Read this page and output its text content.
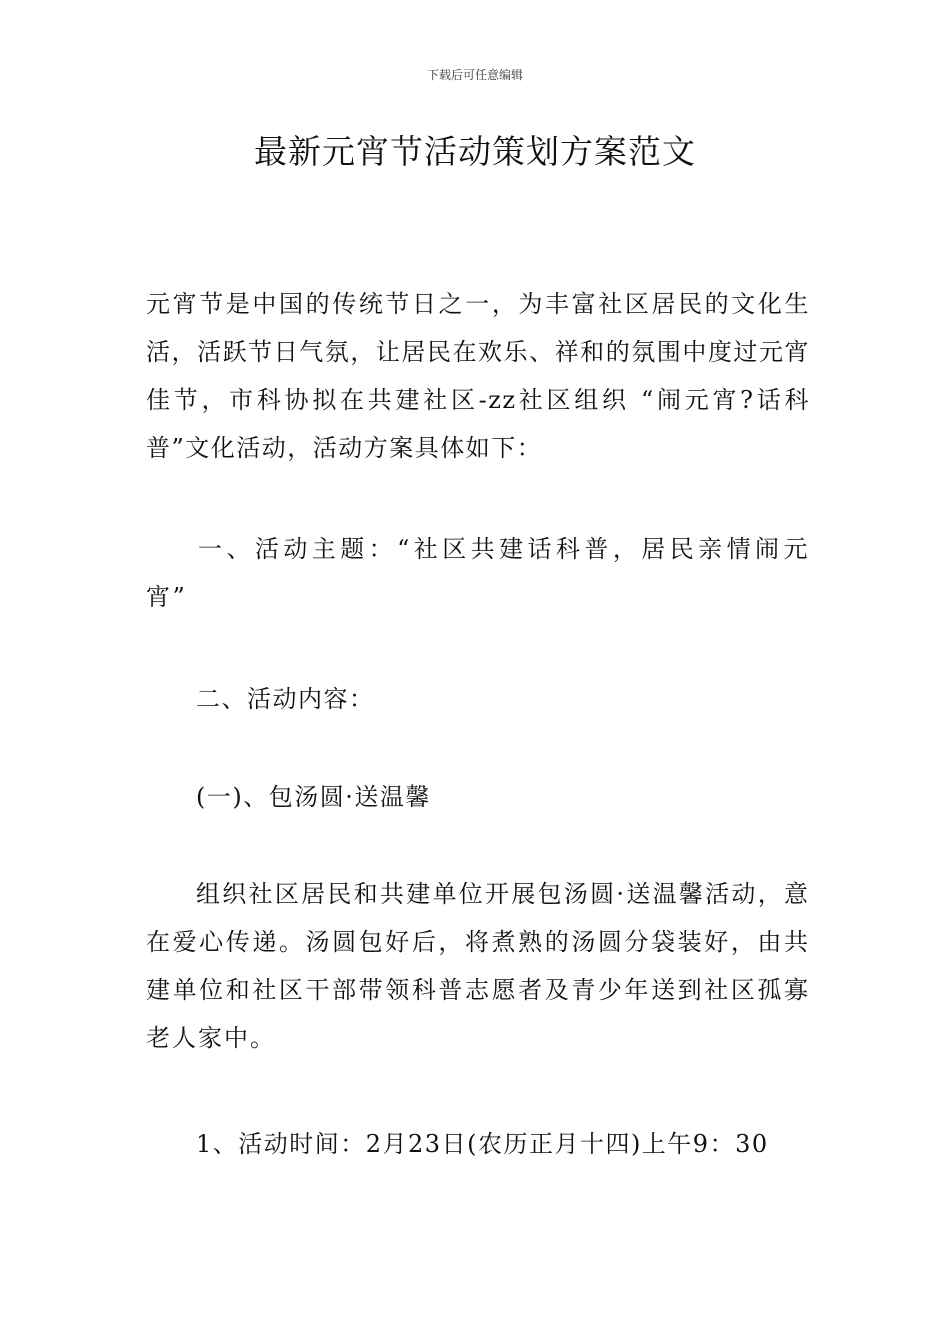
下载后可任意编辑
最新元宵节活动策划方案范文

元宵节是中国的传统节日之一，为丰富社区居民的文化生活，活跃节日气氛，让居民在欢乐、祥和的氛围中度过元宵佳节，市科协拟在共建社区-zz社区组织 “闹元宵?话科普”文化活动，活动方案具体如下：

一、活动主题：“社区共建话科普，居民亲情闹元宵”

二、活动内容：

(一)、包汤圆·送温馨

组织社区居民和共建单位开展包汤圆·送温馨活动，意在爱心传递。汤圆包好后，将煮熟的汤圆分袋装好，由共建单位和社区干部带领科普志愿者及青少年送到社区孤寡老人家中。

1、活动时间：2月23日(农历正月十四)上午9：30
